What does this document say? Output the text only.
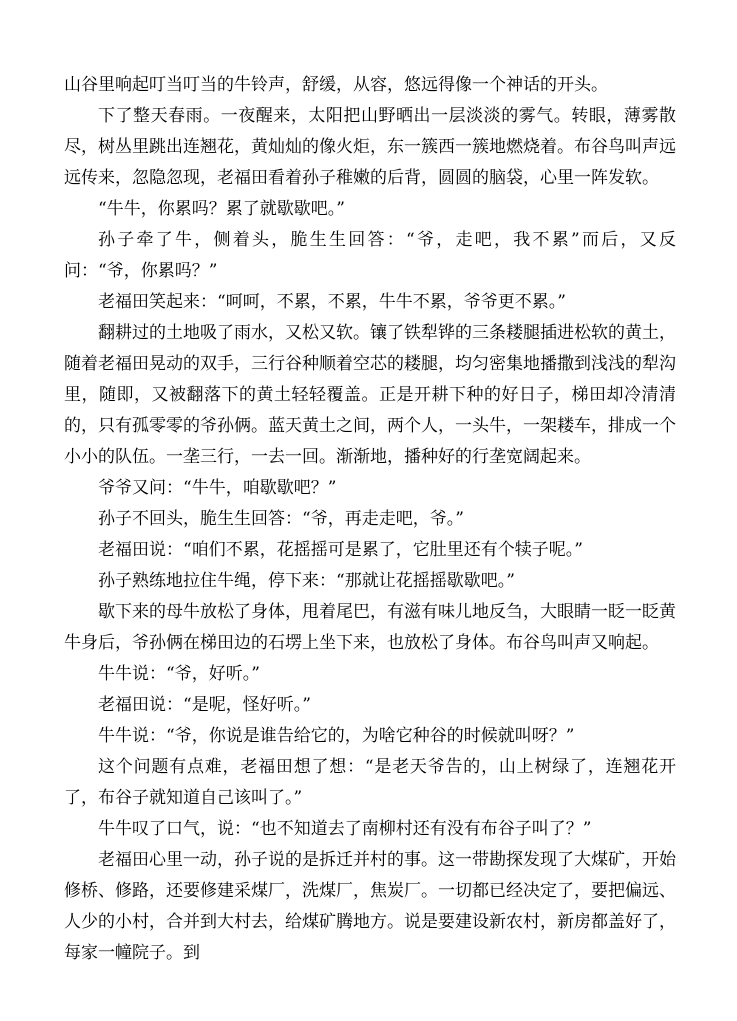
山谷里响起叮当叮当的牛铃声，舒缓，从容，悠远得像一个神话的开头。

下了整天春雨。一夜醒来，太阳把山野晒出一层淡淡的雾气。转眼，薄雾散尽，树丛里跳出连翘花，黄灿灿的像火炬，东一簇西一簇地燃烧着。布谷鸟叫声远远传来，忽隐忽现，老福田看着孙子稚嫩的后背，圆圆的脑袋，心里一阵发软。

“牛牛，你累吗？累了就歇歇吧。”

孙子牵了牛，侧着头，脆生生回答：“爷，走吧，我不累”而后，又反问：“爷，你累吗？”

老福田笑起来：“呵呵，不累，不累，牛牛不累，爷爷更不累。”

翻耕过的土地吸了雨水，又松又软。镶了铁犁铧的三条耧腿插进松软的黄土，随着老福田晃动的双手，三行谷种顺着空芯的耧腿，均匀密集地播撒到浅浅的犁沟里，随即，又被翻落下的黄土轻轻覆盖。正是开耕下种的好日子，梯田却冷清清的，只有孤零零的爷孙俩。蓝天黄土之间，两个人，一头牛，一架耧车，排成一个小小的队伍。一垄三行，一去一回。渐渐地，播种好的行垄宽阔起来。

爷爷又问：“牛牛，咱歇歇吧？”

孙子不回头，脆生生回答：“爷，再走走吧，爷。”

老福田说：“咱们不累，花摇摇可是累了，它肚里还有个犊子呢。”

孙子熟练地拉住牛绳，停下来：“那就让花摇摇歇歇吧。”

歇下来的母牛放松了身体，甩着尾巴，有滋有味儿地反刍，大眼睛一眨一眨黄牛身后，爷孙俩在梯田边的石塄上坐下来，也放松了身体。布谷鸟叫声又响起。

牛牛说：“爷，好听。”

老福田说：“是呢，怪好听。”

牛牛说：“爷，你说是谁告给它的，为啥它种谷的时候就叫呀？”

这个问题有点难，老福田想了想：“是老天爷告的，山上树绿了，连翘花开了，布谷子就知道自己该叫了。”

牛牛叹了口气，说：“也不知道去了南柳村还有没有布谷子叫了？”

老福田心里一动，孙子说的是拆迁并村的事。这一带勘探发现了大煤矿，开始修桥、修路，还要修建采煤厂，洗煤厂，焦炭厂。一切都已经决定了，要把偏远、人少的小村，合并到大村去，给煤矿腾地方。说是要建设新农村，新房都盖好了，每家一幢院子。到
